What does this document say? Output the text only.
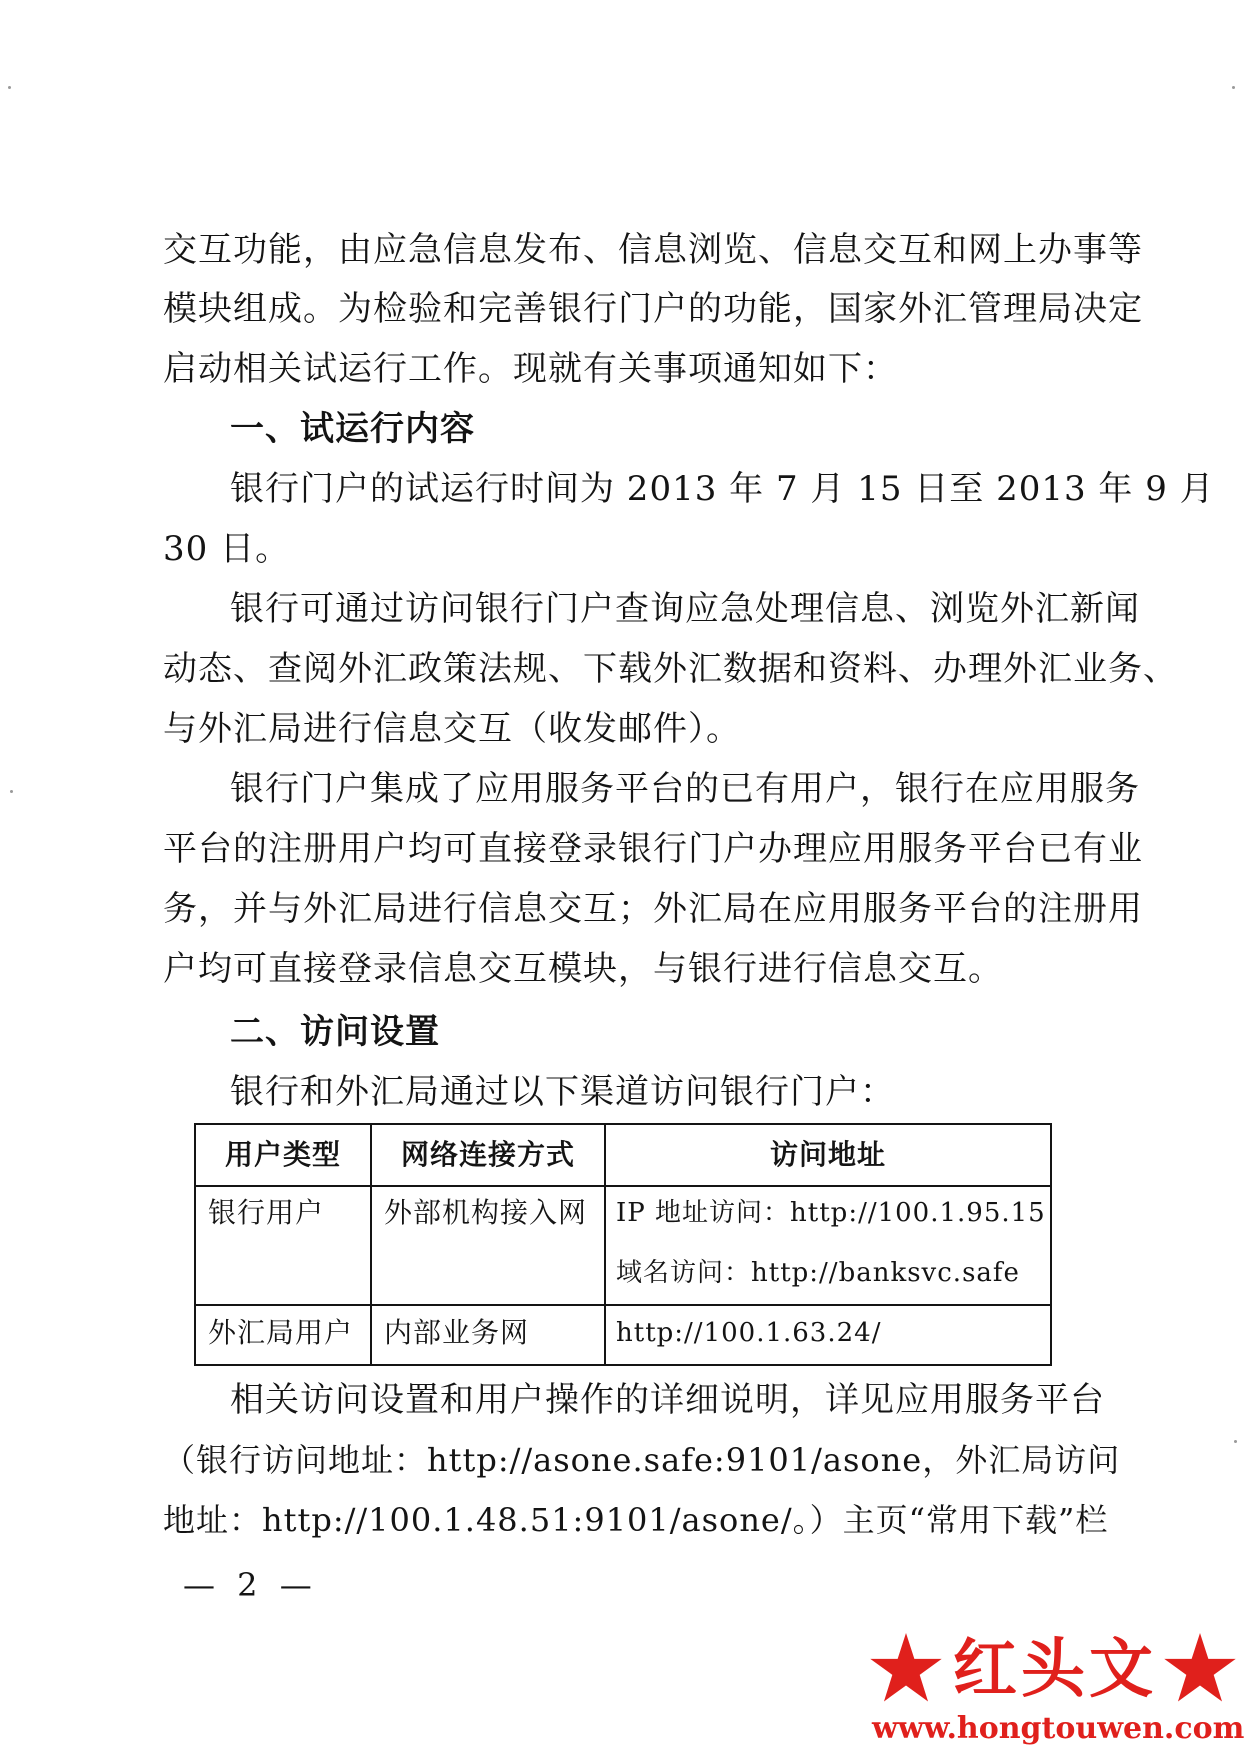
交互功能，由应急信息发布、信息浏览、信息交互和网上办事等
模块组成。为检验和完善银行门户的功能，国家外汇管理局决定
启动相关试运行工作。现就有关事项通知如下：
一、试运行内容
银行门户的试运行时间为 2013 年 7 月 15 日至 2013 年 9 月
30 日。
银行可通过访问银行门户查询应急处理信息、浏览外汇新闻
动态、查阅外汇政策法规、下载外汇数据和资料、办理外汇业务、
与外汇局进行信息交互（收发邮件）。
银行门户集成了应用服务平台的已有用户，银行在应用服务
平台的注册用户均可直接登录银行门户办理应用服务平台已有业
务，并与外汇局进行信息交互；外汇局在应用服务平台的注册用
户均可直接登录信息交互模块，与银行进行信息交互。
二、访问设置
银行和外汇局通过以下渠道访问银行门户：
用户类型	网络连接方式	访问地址
银行用户 外部机构接入网 IP 地址访问：http://100.1.95.15
域名访问：http://banksvc.safe
外汇局用户 内部业务网	http://100.1.63.24/
相关访问设置和用户操作的详细说明，详见应用服务平台
（银行访问地址：http://asone.safe:9101/asone，外汇局访问
地址：http://100.1.48.51:9101/asone/。）主页“常用下载”栏
— 2 —
红头文
www.hongtouwen.com
